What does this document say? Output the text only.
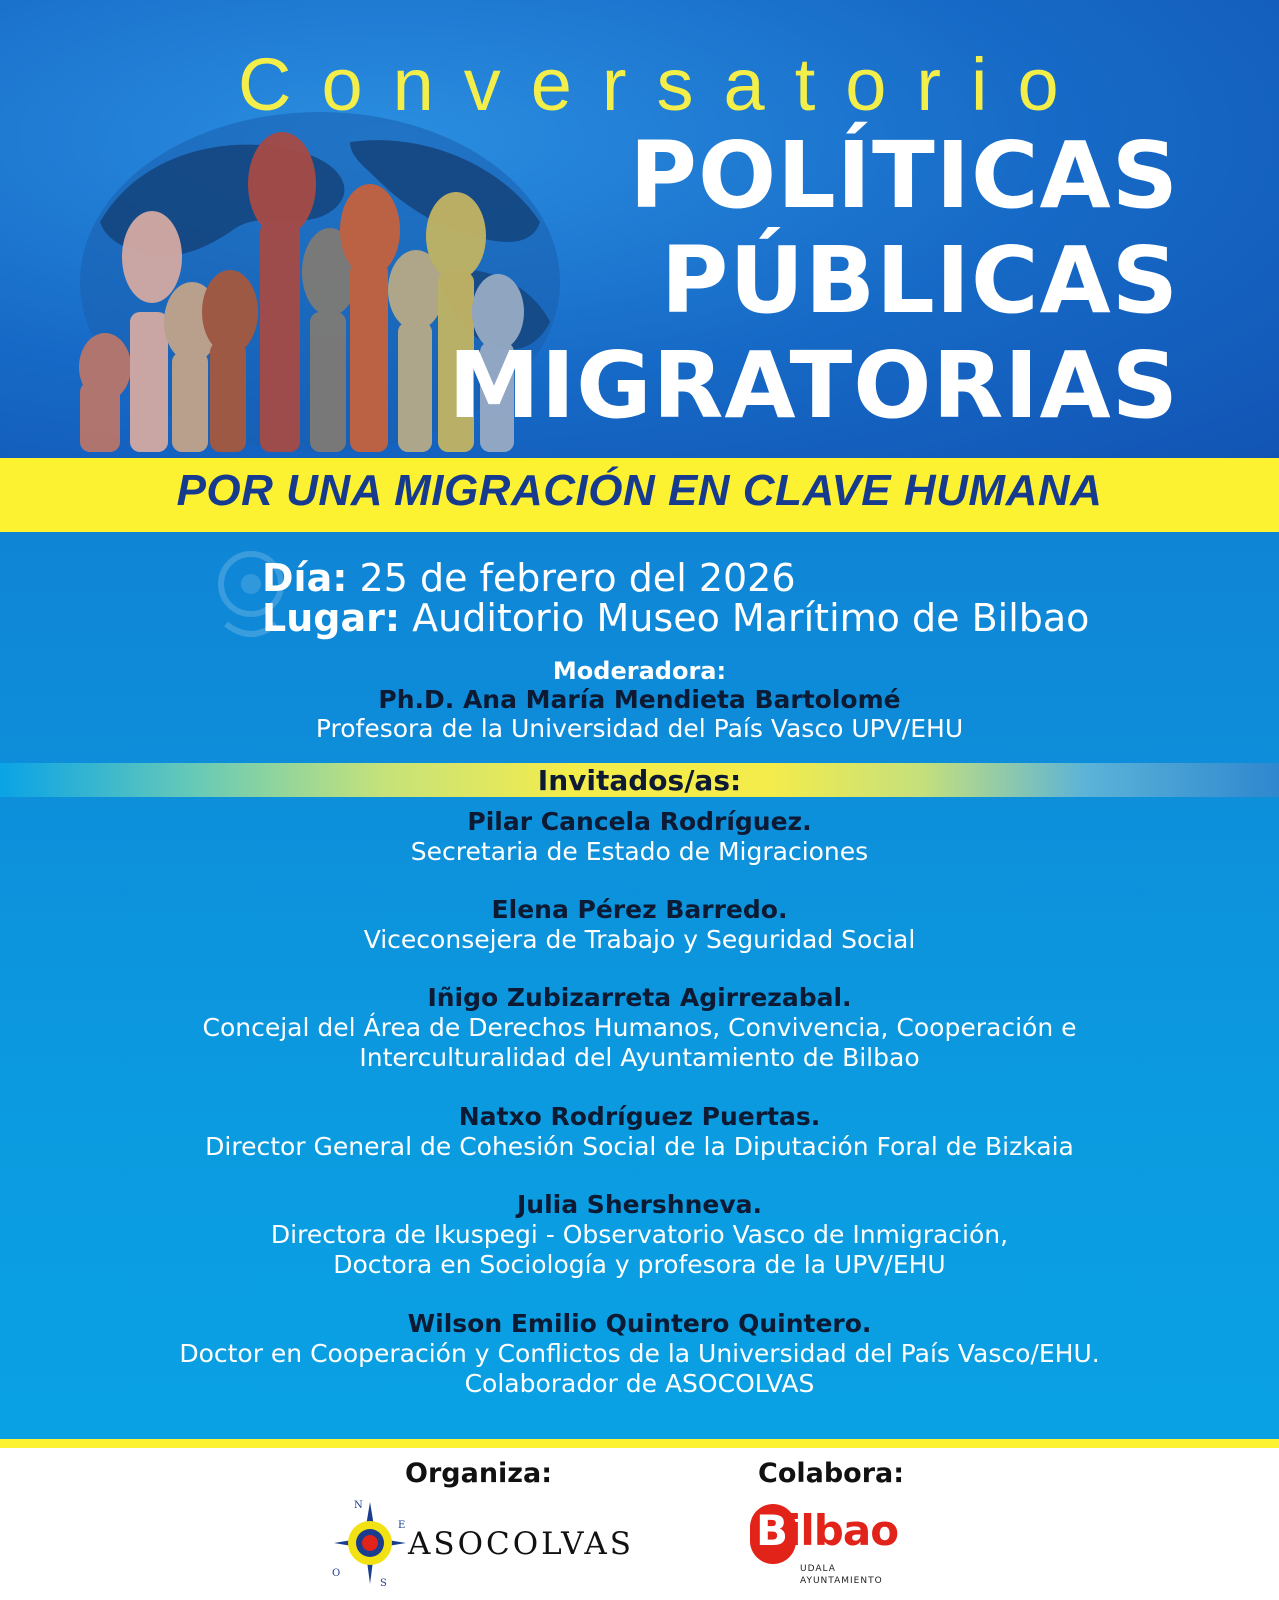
Conversatorio
POLÍTICAS
PÚBLICAS
MIGRATORIAS
POR UNA MIGRACIÓN EN CLAVE HUMANA
Día: 25 de febrero del 2026
Lugar: Auditorio Museo Marítimo de Bilbao
Moderadora:
Ph.D. Ana María Mendieta Bartolomé
Profesora de la Universidad del País Vasco UPV/EHU
Invitados/as:
Pilar Cancela Rodríguez.
Secretaria de Estado de Migraciones
Elena Pérez Barredo.
Viceconsejera de Trabajo y Seguridad Social
Iñigo Zubizarreta Agirrezabal.
Concejal del Área de Derechos Humanos, Convivencia, Cooperación e
Interculturalidad del Ayuntamiento de Bilbao
Natxo Rodríguez Puertas.
Director General de Cohesión Social de la Diputación Foral de Bizkaia
Julia Shershneva.
Directora de Ikuspegi - Observatorio Vasco de Inmigración,
Doctora en Sociología y profesora de la UPV/EHU
Wilson Emilio Quintero Quintero.
Doctor en Cooperación y Conflictos de la Universidad del País Vasco/EHU.
Colaborador de ASOCOLVAS
Organiza:	Colabora:
N
E
S
O
ASOCOLVAS	Bilbao
UDALA
AYUNTAMIENTO
